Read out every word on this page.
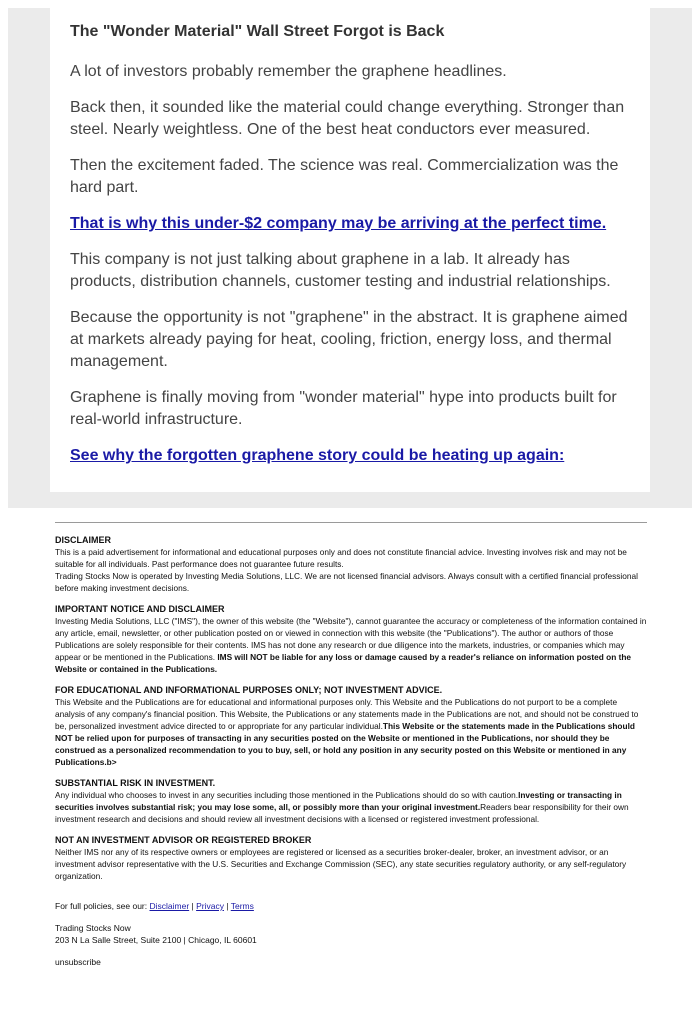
The "Wonder Material" Wall Street Forgot is Back

A lot of investors probably remember the graphene headlines.

Back then, it sounded like the material could change everything. Stronger than steel. Nearly weightless. One of the best heat conductors ever measured.

Then the excitement faded. The science was real. Commercialization was the hard part.

That is why this under-$2 company may be arriving at the perfect time.

This company is not just talking about graphene in a lab. It already has products, distribution channels, customer testing and industrial relationships.

Because the opportunity is not "graphene" in the abstract. It is graphene aimed at markets already paying for heat, cooling, friction, energy loss, and thermal management.

Graphene is finally moving from "wonder material" hype into products built for real-world infrastructure.

See why the forgotten graphene story could be heating up again:

DISCLAIMER

This is a paid advertisement for informational and educational purposes only and does not constitute financial advice. Investing involves risk and may not be suitable for all individuals. Past performance does not guarantee future results.
Trading Stocks Now is operated by Investing Media Solutions, LLC. We are not licensed financial advisors. Always consult with a certified financial professional before making investment decisions.

IMPORTANT NOTICE AND DISCLAIMER

Investing Media Solutions, LLC ("IMS"), the owner of this website (the "Website"), cannot guarantee the accuracy or completeness of the information contained in any article, email, newsletter, or other publication posted on or viewed in connection with this website (the "Publications"). The author or authors of those Publications are solely responsible for their contents. IMS has not done any research or due diligence into the markets, industries, or companies which may appear or be mentioned in the Publications. IMS will NOT be liable for any loss or damage caused by a reader's reliance on information posted on the Website or contained in the Publications.

FOR EDUCATIONAL AND INFORMATIONAL PURPOSES ONLY; NOT INVESTMENT ADVICE.

This Website and the Publications are for educational and informational purposes only. This Website and the Publications do not purport to be a complete analysis of any company's financial position. This Website, the Publications or any statements made in the Publications are not, and should not be construed to be, personalized investment advice directed to or appropriate for any particular individual.This Website or the statements made in the Publications should NOT be relied upon for purposes of transacting in any securities posted on the Website or mentioned in the Publications, nor should they be construed as a personalized recommendation to you to buy, sell, or hold any position in any security posted on this Website or mentioned in any Publications.b>

SUBSTANTIAL RISK IN INVESTMENT.

Any individual who chooses to invest in any securities including those mentioned in the Publications should do so with caution.Investing or transacting in securities involves substantial risk; you may lose some, all, or possibly more than your original investment.Readers bear responsibility for their own investment research and decisions and should review all investment decisions with a licensed or registered investment professional.

NOT AN INVESTMENT ADVISOR OR REGISTERED BROKER

Neither IMS nor any of its respective owners or employees are registered or licensed as a securities broker-dealer, broker, an investment advisor, or an investment advisor representative with the U.S. Securities and Exchange Commission (SEC), any state securities regulatory authority, or any self-regulatory organization.
For full policies, see our: Disclaimer | Privacy | Terms
Trading Stocks Now
203 N La Salle Street, Suite 2100 | Chicago, IL 60601
unsubscribe
